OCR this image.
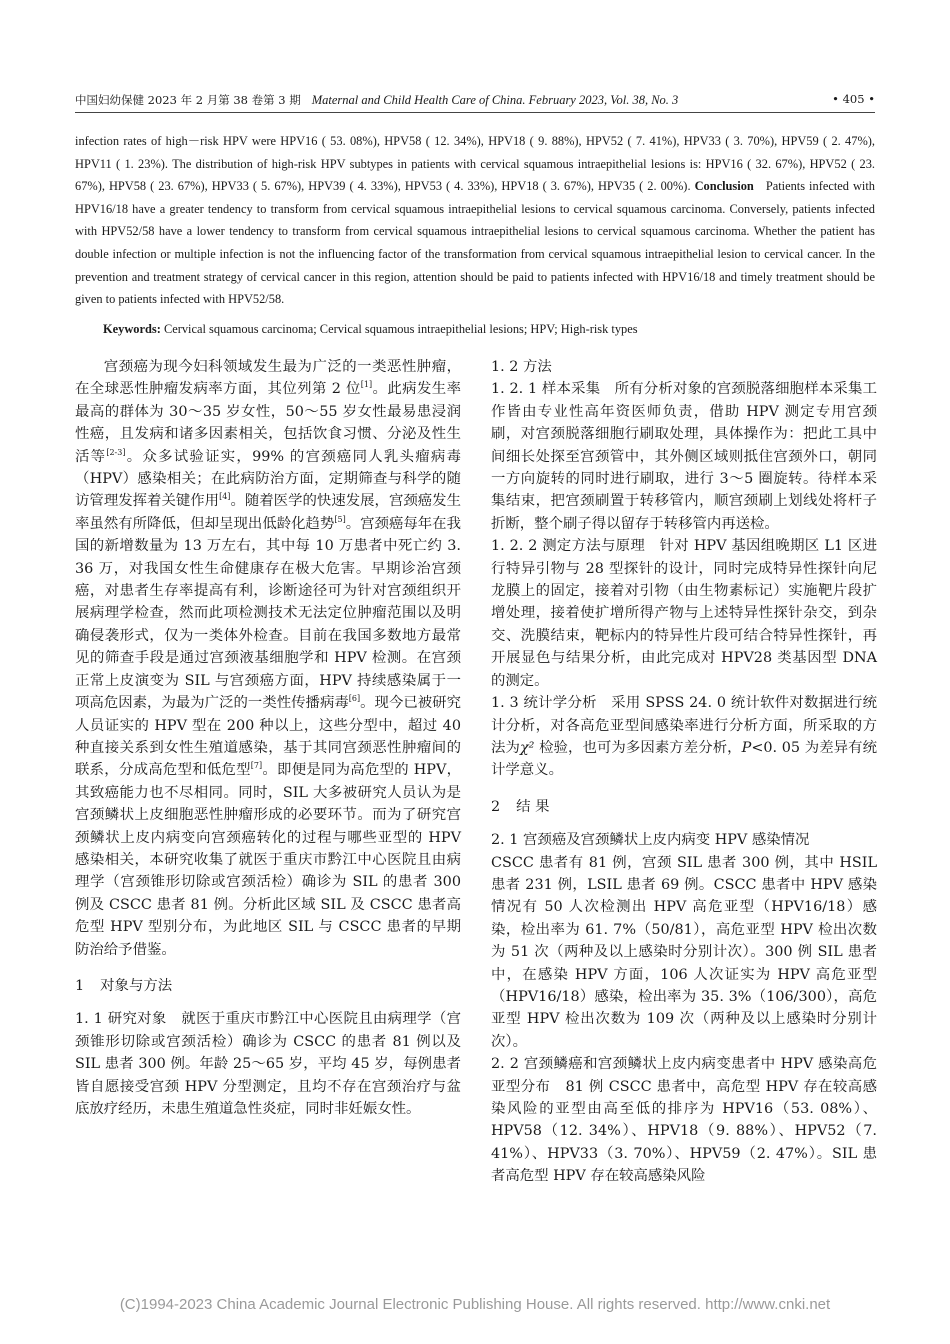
中国妇幼保健 2023 年 2 月第 38 卷第 3 期 Maternal and Child Health Care of China. February 2023, Vol. 38, No. 3	• 405 •
infection rates of high－risk HPV were HPV16 ( 53. 08%), HPV58 ( 12. 34%), HPV18 ( 9. 88%), HPV52 ( 7. 41%), HPV33 ( 3. 70%), HPV59 ( 2. 47%), HPV11 ( 1. 23%). The distribution of high-risk HPV subtypes in patients with cervical squamous intraepithelial lesions is: HPV16 ( 32. 67%), HPV52 ( 23. 67%), HPV58 ( 23. 67%), HPV33 ( 5. 67%), HPV39 ( 4. 33%), HPV53 ( 4. 33%), HPV18 ( 3. 67%), HPV35 ( 2. 00%). Conclusion Patients infected with HPV16/18 have a greater tendency to transform from cervical squamous intraepithelial lesions to cervical squamous carcinoma. Conversely, patients infected with HPV52/58 have a lower tendency to transform from cervical squamous intraepithelial lesions to cervical squamous carcinoma. Whether the patient has double infection or multiple infection is not the influencing factor of the transformation from cervical squamous intraepithelial lesion to cervical cancer. In the prevention and treatment strategy of cervical cancer in this region, attention should be paid to patients infected with HPV16/18 and timely treatment should be given to patients infected with HPV52/58.
Keywords: Cervical squamous carcinoma; Cervical squamous intraepithelial lesions; HPV; High-risk types

宫颈癌为现今妇科领域发生最为广泛的一类恶性肿瘤，在全球恶性肿瘤发病率方面，其位列第 2 位[1]。此病发生率最高的群体为 30～35 岁女性，50～55 岁女性最易患浸润性癌，且发病和诸多因素相关，包括饮食习惯、分泌及性生活等[2-3]。众多试验证实，99% 的宫颈癌同人乳头瘤病毒（HPV）感染相关；在此病防治方面，定期筛查与科学的随访管理发挥着关键作用[4]。随着医学的快速发展，宫颈癌发生率虽然有所降低，但却呈现出低龄化趋势[5]。宫颈癌每年在我国的新增数量为 13 万左右，其中每 10 万患者中死亡约 3. 36 万，对我国女性生命健康存在极大危害。早期诊治宫颈癌，对患者生存率提高有利，诊断途径可为针对宫颈组织开展病理学检查，然而此项检测技术无法定位肿瘤范围以及明确侵袭形式，仅为一类体外检查。目前在我国多数地方最常见的筛查手段是通过宫颈液基细胞学和 HPV 检测。在宫颈正常上皮演变为 SIL 与宫颈癌方面，HPV 持续感染属于一项高危因素，为最为广泛的一类性传播病毒[6]。现今已被研究人员证实的 HPV 型在 200 种以上，这些分型中，超过 40 种直接关系到女性生殖道感染，基于其同宫颈恶性肿瘤间的联系，分成高危型和低危型[7]。即便是同为高危型的 HPV，其致癌能力也不尽相同。同时，SIL 大多被研究人员认为是宫颈鳞状上皮细胞恶性肿瘤形成的必要环节。而为了研究宫颈鳞状上皮内病变向宫颈癌转化的过程与哪些亚型的 HPV 感染相关，本研究收集了就医于重庆市黔江中心医院且由病理学（宫颈锥形切除或宫颈活检）确诊为 SIL 的患者 300 例及 CSCC 患者 81 例。分析此区域 SIL 及 CSCC 患者高危型 HPV 型别分布，为此地区 SIL 与 CSCC 患者的早期防治给予借鉴。

1 对象与方法

1. 1 研究对象 就医于重庆市黔江中心医院且由病理学（宫颈锥形切除或宫颈活检）确诊为 CSCC 的患者 81 例以及 SIL 患者 300 例。年龄 25～65 岁，平均 45 岁，每例患者皆自愿接受宫颈 HPV 分型测定，且均不存在宫颈治疗与盆底放疗经历，未患生殖道急性炎症，同时非妊娠女性。

1. 2 方法

1. 2. 1 样本采集 所有分析对象的宫颈脱落细胞样本采集工作皆由专业性高年资医师负责，借助 HPV 测定专用宫颈刷，对宫颈脱落细胞行刷取处理，具体操作为：把此工具中间细长处探至宫颈管中，其外侧区域则抵住宫颈外口，朝同一方向旋转的同时进行刷取，进行 3～5 圈旋转。待样本采集结束，把宫颈刷置于转移管内，顺宫颈刷上划线处将杆子折断，整个刷子得以留存于转移管内再送检。

1. 2. 2 测定方法与原理 针对 HPV 基因组晚期区 L1 区进行特异引物与 28 型探针的设计，同时完成特异性探针向尼龙膜上的固定，接着对引物（由生物素标记）实施靶片段扩增处理，接着使扩增所得产物与上述特异性探针杂交，到杂交、洗膜结束，靶标内的特异性片段可结合特异性探针，再开展显色与结果分析，由此完成对 HPV28 类基因型 DNA 的测定。

1. 3 统计学分析 采用 SPSS 24. 0 统计软件对数据进行统计分析，对各高危亚型间感染率进行分析方面，所采取的方法为χ² 检验，也可为多因素方差分析，P<0. 05 为差异有统计学意义。

2 结 果

2. 1 宫颈癌及宫颈鳞状上皮内病变 HPV 感染情况

CSCC 患者有 81 例，宫颈 SIL 患者 300 例，其中 HSIL 患者 231 例，LSIL 患者 69 例。CSCC 患者中 HPV 感染情况有 50 人次检测出 HPV 高危亚型（HPV16/18）感染，检出率为 61. 7%（50/81），高危亚型 HPV 检出次数为 51 次（两种及以上感染时分别计次）。300 例 SIL 患者中，在感染 HPV 方面，106 人次证实为 HPV 高危亚型（HPV16/18）感染，检出率为 35. 3%（106/300），高危亚型 HPV 检出次数为 109 次（两种及以上感染时分别计次）。

2. 2 宫颈鳞癌和宫颈鳞状上皮内病变患者中 HPV 感染高危亚型分布 81 例 CSCC 患者中，高危型 HPV 存在较高感染风险的亚型由高至低的排序为 HPV16（53. 08%）、HPV58（12. 34%）、HPV18（9. 88%）、HPV52（7. 41%）、HPV33（3. 70%）、HPV59（2. 47%）。SIL 患者高危型 HPV 存在较高感染风险

(C)1994-2023 China Academic Journal Electronic Publishing House. All rights reserved. http://www.cnki.net
